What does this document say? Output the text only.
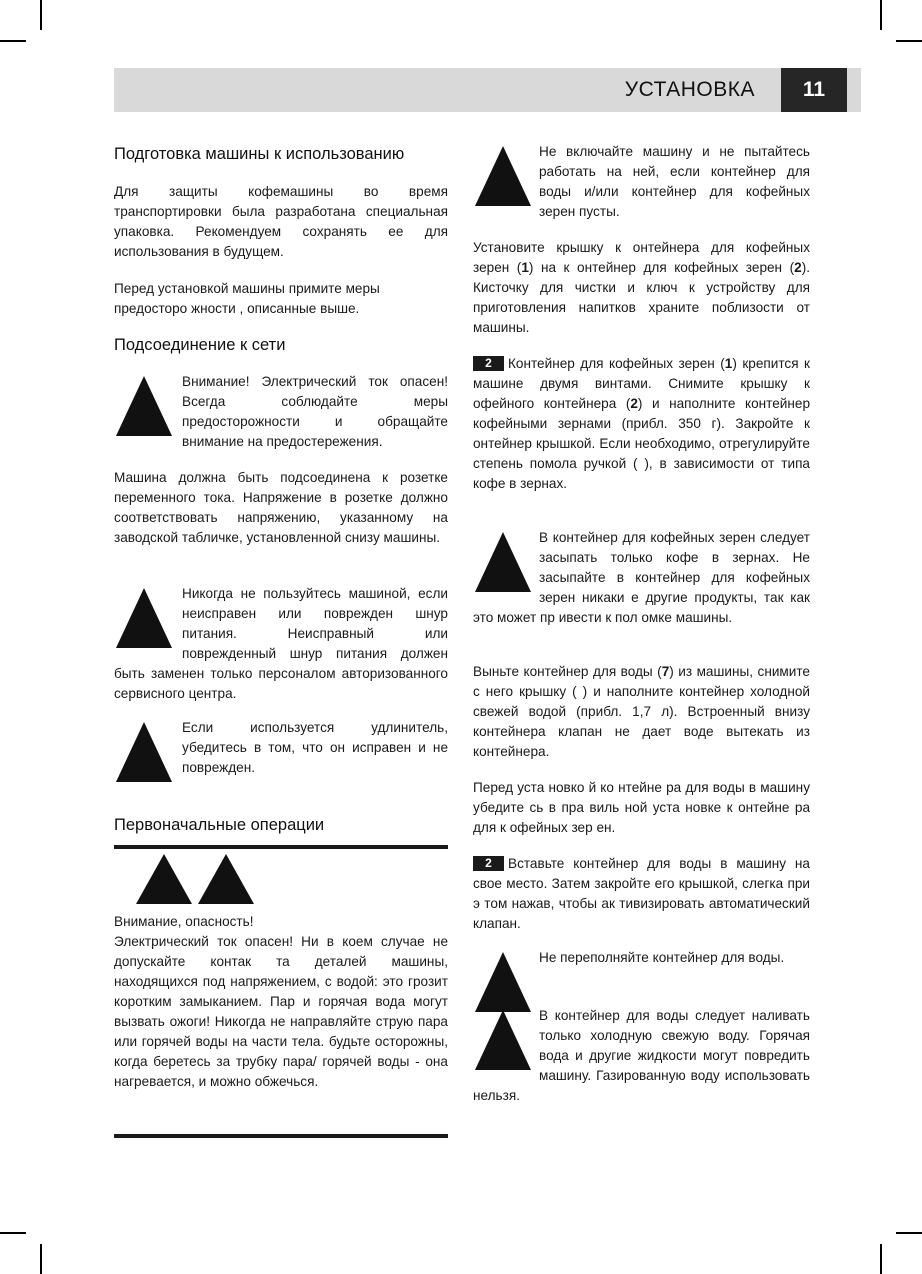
УСТАНОВКА	11
Подготовка машины к использованию
Для защиты кофемашины во время транспортировки была разработана специальная упаковка. Рекомендуем сохранять ее для использования в будущем.
Перед установкой машины примите меры предосторо жности , описанные выше.
Подсоединение к сети
Внимание! Электрический ток опасен! Всегда соблюдайте меры предосторожности и обращайте внимание на предостережения.
Машина должна быть подсоединена к розетке переменного тока. Напряжение в розетке должно соответствовать напряжению, указанному на заводской табличке, установленной снизу машины.
Никогда не пользуйтесь машиной, если неисправен или поврежден шнур питания. Неисправный или поврежденный шнур питания должен быть заменен только персоналом авторизованного сервисного центра.
Если используется удлинитель, убедитесь в том, что он исправен и не поврежден.
Первоначальные операции
Внимание, опасность!
Электрический ток опасен! Ни в коем случае не допускайте контак та деталей машины, находящихся под напряжением, с водой: это грозит коротким замыканием. Пар и горячая вода могут вызвать ожоги! Никогда не направляйте струю пара или горячей воды на части тела. будьте осторожны, когда беретесь за трубку пара/ горячей воды - она нагревается, и можно обжечься.
Не включайте машину и не пытайтесь работать на ней, если контейнер для воды и/или контейнер для кофейных зерен пусты.
Установите крышку к онтейнера для кофейных зерен (1) на к онтейнер для кофейных зерен (2). Кисточку для чистки и ключ к устройству для приготовления напитков храните поблизости от машины.
2 Контейнер для кофейных зерен (1) крепится к машине двумя винтами. Снимите крышку к офейного контейнера (2) и наполните контейнер кофейными зернами (прибл. 350 г). Закройте к онтейнер крышкой. Если необходимо, отрегулируйте степень помола ручкой ( ), в зависимости от типа кофе в зернах.
В контейнер для кофейных зерен следует засыпать только кофе в зернах. Не засыпайте в контейнер для кофейных зерен никаки е другие продукты, так как это может пр ивести к пол омке машины.
Выньте контейнер для воды (7) из машины, снимите с него крышку ( ) и наполните контейнер холодной свежей водой (прибл. 1,7 л). Встроенный внизу контейнера клапан не дает воде вытекать из контейнера.
Перед уста новко й ко нтейне ра для воды в машину убедите сь в пра виль ной уста новке к онтейне ра для к офейных зер ен.
2 Вставьте контейнер для воды в машину на свое место. Затем закройте его крышкой, слегка при э том нажав, чтобы ак тивизировать автоматический клапан.
Не переполняйте контейнер для воды.
В контейнер для воды следует наливать только холодную свежую воду. Горячая вода и другие жидкости могут повредить машину. Газированную воду использовать нельзя.
